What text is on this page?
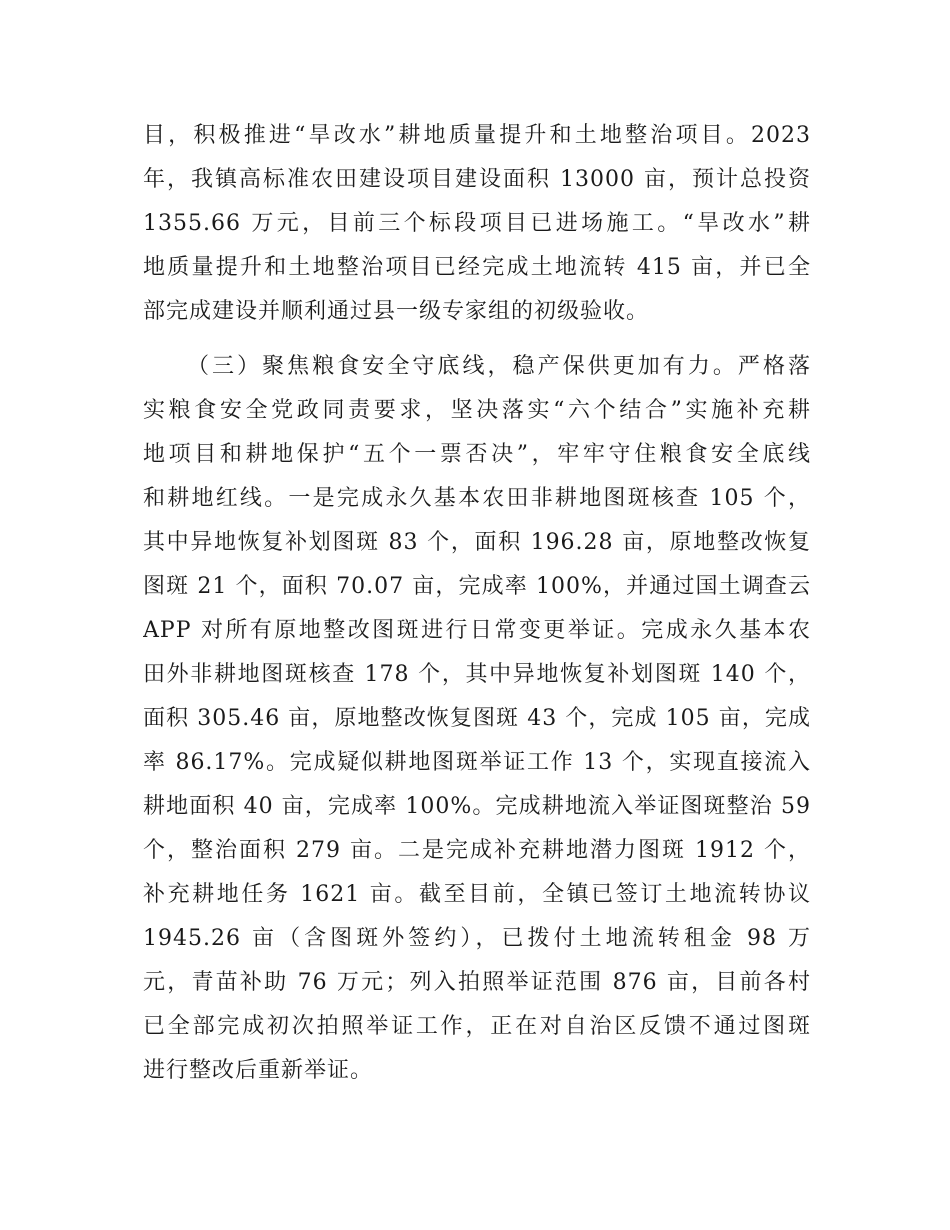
目，积极推进“旱改水”耕地质量提升和土地整治项目。2023
年，我镇高标准农田建设项目建设面积 13000 亩，预计总投资
1355.66 万元，目前三个标段项目已进场施工。“旱改水”耕
地质量提升和土地整治项目已经完成土地流转 415 亩，并已全
部完成建设并顺利通过县一级专家组的初级验收。
（三）聚焦粮食安全守底线，稳产保供更加有力。严格落
实粮食安全党政同责要求，坚决落实“六个结合”实施补充耕
地项目和耕地保护“五个一票否决”，牢牢守住粮食安全底线
和耕地红线。一是完成永久基本农田非耕地图斑核查 105 个，
其中异地恢复补划图斑 83 个，面积 196.28 亩，原地整改恢复
图斑 21 个，面积 70.07 亩，完成率 100%，并通过国土调查云
APP 对所有原地整改图斑进行日常变更举证。完成永久基本农
田外非耕地图斑核查 178 个，其中异地恢复补划图斑 140 个，
面积 305.46 亩，原地整改恢复图斑 43 个，完成 105 亩，完成
率 86.17%。完成疑似耕地图斑举证工作 13 个，实现直接流入
耕地面积 40 亩，完成率 100%。完成耕地流入举证图斑整治 59
个，整治面积 279 亩。二是完成补充耕地潜力图斑 1912 个，
补充耕地任务 1621 亩。截至目前，全镇已签订土地流转协议
1945.26 亩（含图斑外签约），已拨付土地流转租金 98 万
元，青苗补助 76 万元；列入拍照举证范围 876 亩，目前各村
已全部完成初次拍照举证工作，正在对自治区反馈不通过图斑
进行整改后重新举证。
